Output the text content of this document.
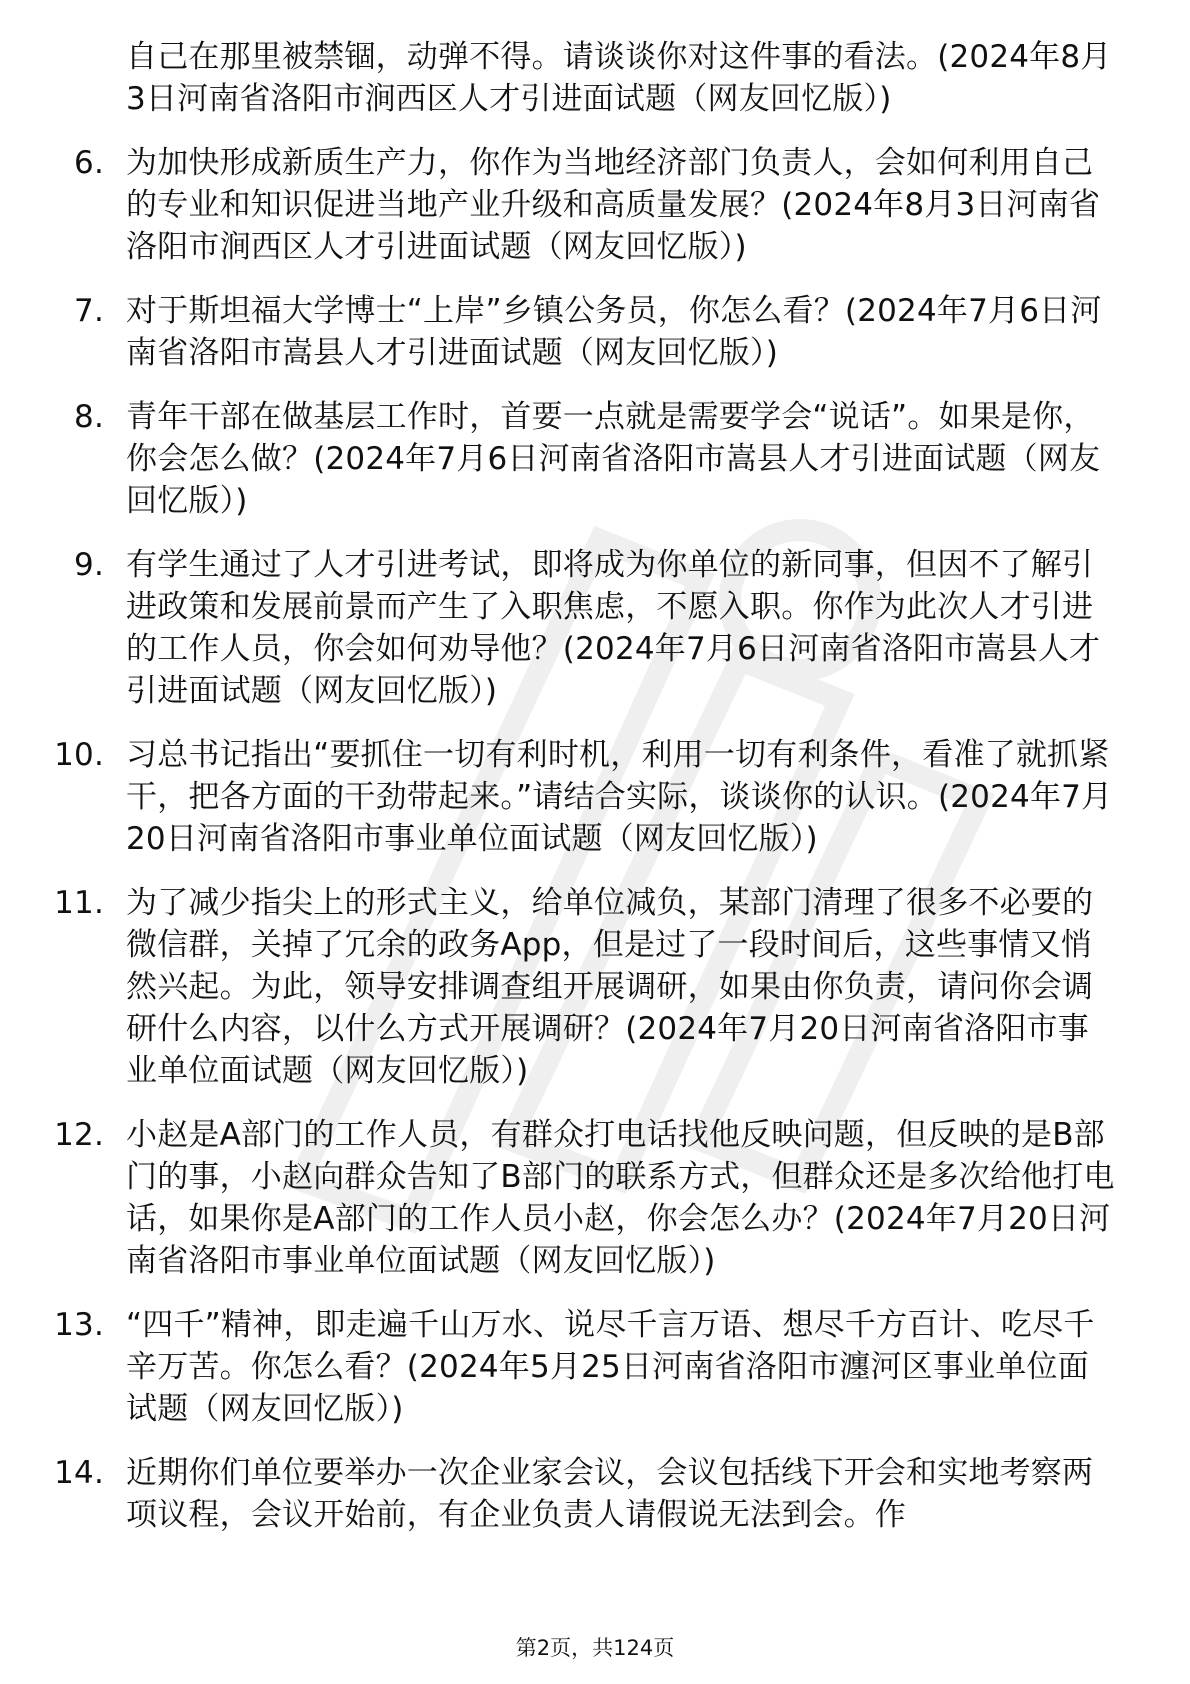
自己在那里被禁锢，动弹不得。请谈谈你对这件事的看法。(2024年8月3日河南省洛阳市涧西区人才引进面试题（网友回忆版）)
6. 为加快形成新质生产力，你作为当地经济部门负责人，会如何利用自己的专业和知识促进当地产业升级和高质量发展？(2024年8月3日河南省洛阳市涧西区人才引进面试题（网友回忆版）)
7. 对于斯坦福大学博士“上岸”乡镇公务员，你怎么看？(2024年7月6日河南省洛阳市嵩县人才引进面试题（网友回忆版）)
8. 青年干部在做基层工作时，首要一点就是需要学会“说话”。如果是你，你会怎么做？(2024年7月6日河南省洛阳市嵩县人才引进面试题（网友回忆版）)
9. 有学生通过了人才引进考试，即将成为你单位的新同事，但因不了解引进政策和发展前景而产生了入职焦虑，不愿入职。你作为此次人才引进的工作人员，你会如何劝导他？(2024年7月6日河南省洛阳市嵩县人才引进面试题（网友回忆版）)
10. 习总书记指出“要抓住一切有利时机，利用一切有利条件，看准了就抓紧干，把各方面的干劲带起来。”请结合实际，谈谈你的认识。(2024年7月20日河南省洛阳市事业单位面试题（网友回忆版）)
11. 为了减少指尖上的形式主义，给单位减负，某部门清理了很多不必要的微信群，关掉了冗余的政务App，但是过了一段时间后，这些事情又悄然兴起。为此，领导安排调查组开展调研，如果由你负责，请问你会调研什么内容，以什么方式开展调研？(2024年7月20日河南省洛阳市事业单位面试题（网友回忆版）)
12. 小赵是A部门的工作人员，有群众打电话找他反映问题，但反映的是B部门的事，小赵向群众告知了B部门的联系方式，但群众还是多次给他打电话，如果你是A部门的工作人员小赵，你会怎么办？(2024年7月20日河南省洛阳市事业单位面试题（网友回忆版）)
13. “四千”精神，即走遍千山万水、说尽千言万语、想尽千方百计、吃尽千辛万苦。你怎么看？(2024年5月25日河南省洛阳市瀍河区事业单位面试题（网友回忆版）)
14. 近期你们单位要举办一次企业家会议，会议包括线下开会和实地考察两项议程，会议开始前，有企业负责人请假说无法到会。作
第2页，共124页
